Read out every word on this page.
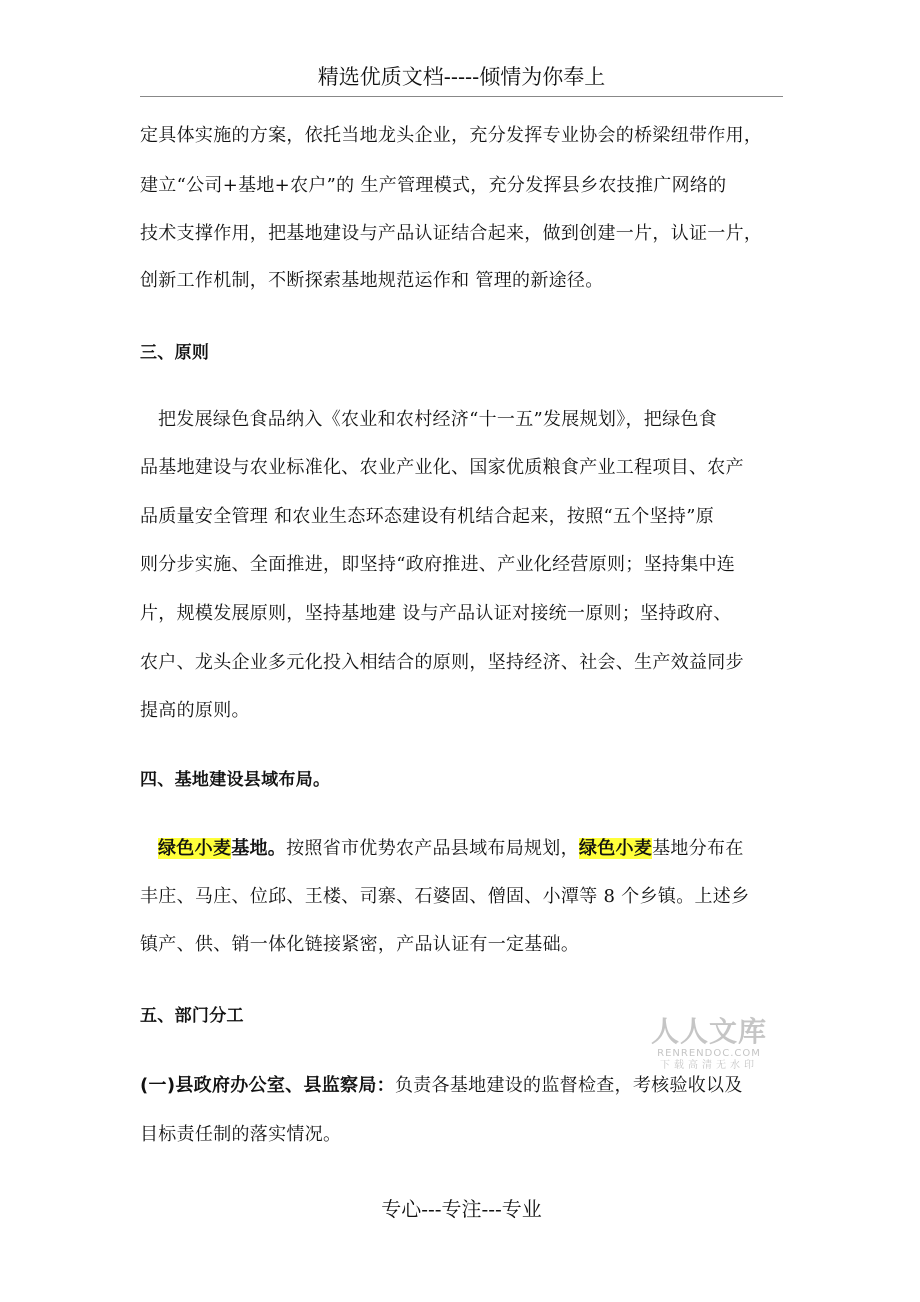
精选优质文档-----倾情为你奉上
定具体实施的方案，依托当地龙头企业，充分发挥专业协会的桥梁纽带作用，
建立“公司+基地+农户”的 生产管理模式，充分发挥县乡农技推广网络的
技术支撑作用，把基地建设与产品认证结合起来，做到创建一片，认证一片，
创新工作机制，不断探索基地规范运作和 管理的新途径。
三、原则
把发展绿色食品纳入《农业和农村经济“十一五”发展规划》，把绿色食
品基地建设与农业标准化、农业产业化、国家优质粮食产业工程项目、农产
品质量安全管理 和农业生态环态建设有机结合起来，按照“五个坚持”原
则分步实施、全面推进，即坚持“政府推进、产业化经营原则；坚持集中连
片，规模发展原则，坚持基地建 设与产品认证对接统一原则；坚持政府、
农户、龙头企业多元化投入相结合的原则，坚持经济、社会、生产效益同步
提高的原则。
四、基地建设县域布局。
绿色小麦基地。按照省市优势农产品县域布局规划，绿色小麦基地分布在
丰庄、马庄、位邱、王楼、司寨、石婆固、僧固、小潭等 8 个乡镇。上述乡
镇产、供、销一体化链接紧密，产品认证有一定基础。
五、部门分工
(一)县政府办公室、县监察局：负责各基地建设的监督检查，考核验收以及
目标责任制的落实情况。
人人文库
RENRENDOC.COM
下载高清无水印
专心---专注---专业
